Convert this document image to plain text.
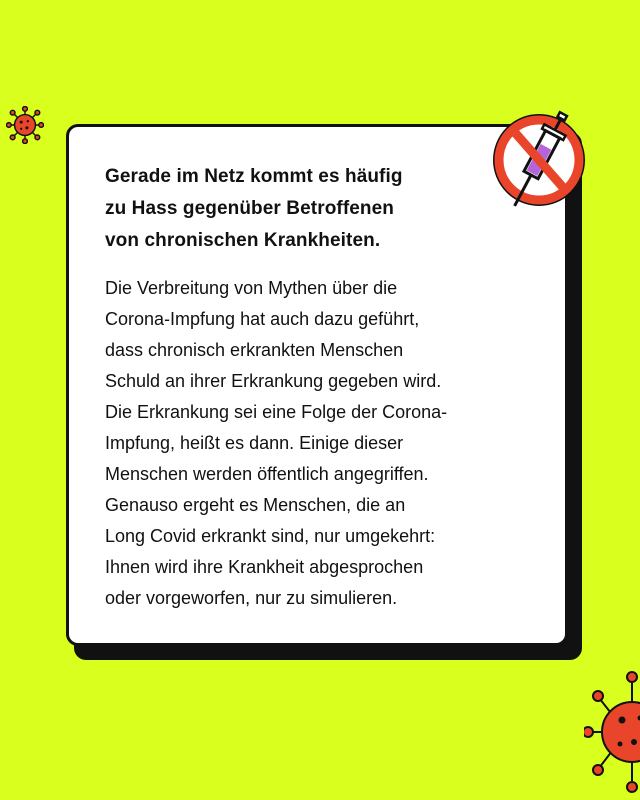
Gerade im Netz kommt es häufig
zu Hass gegenüber Betroffenen
von chronischen Krankheiten.
Die Verbreitung von Mythen über die
Corona-Impfung hat auch dazu geführt,
dass chronisch erkrankten Menschen
Schuld an ihrer Erkrankung gegeben wird.
Die Erkrankung sei eine Folge der Corona-
Impfung, heißt es dann. Einige dieser
Menschen werden öffentlich angegriffen.
Genauso ergeht es Menschen, die an
Long Covid erkrankt sind, nur umgekehrt:
Ihnen wird ihre Krankheit abgesprochen
oder vorgeworfen, nur zu simulieren.
